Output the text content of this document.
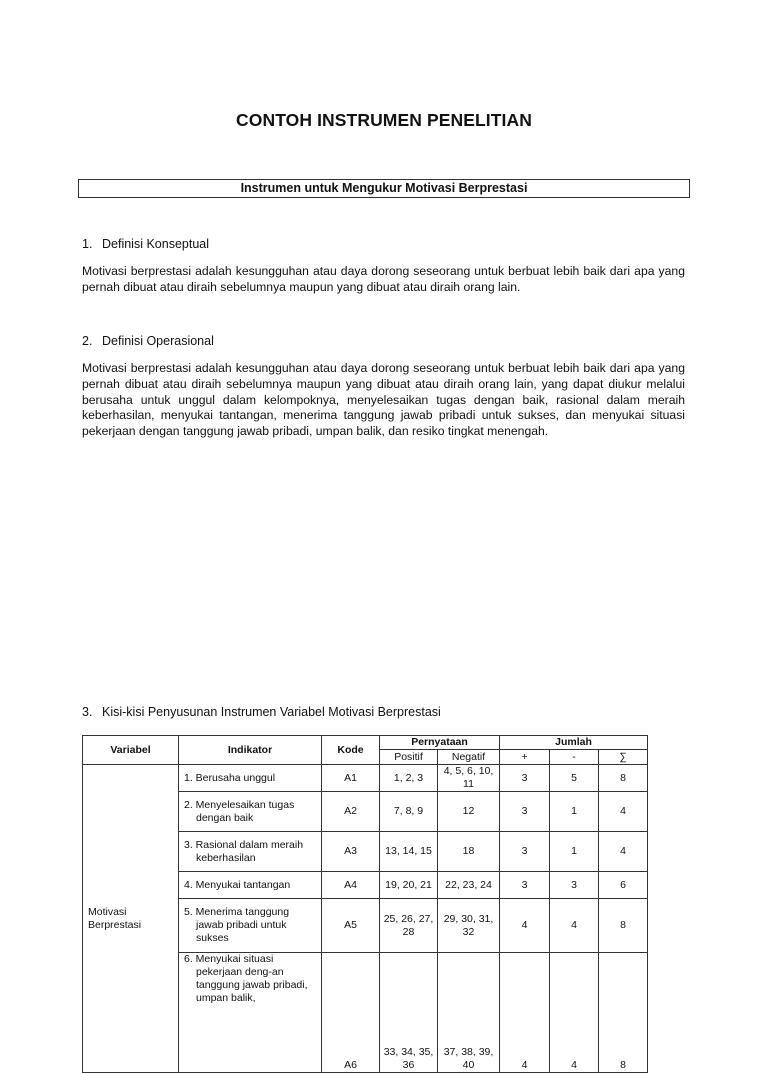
CONTOH INSTRUMEN PENELITIAN
Instrumen untuk Mengukur Motivasi Berprestasi
1. Definisi Konseptual

Motivasi berprestasi adalah kesungguhan atau daya dorong seseorang untuk berbuat lebih baik dari apa yang pernah dibuat atau diraih sebelumnya maupun yang dibuat atau diraih orang lain.

2. Definisi Operasional

Motivasi berprestasi adalah kesungguhan atau daya dorong seseorang untuk berbuat lebih baik dari apa yang pernah dibuat atau diraih sebelumnya maupun yang dibuat atau diraih orang lain, yang dapat diukur melalui berusaha untuk unggul dalam kelompoknya, menyelesaikan tugas dengan baik, rasional dalam meraih keberhasilan, menyukai tantangan, menerima tanggung jawab pribadi untuk sukses, dan menyukai situasi pekerjaan dengan tanggung jawab pribadi, umpan balik, dan resiko tingkat menengah.

3. Kisi-kisi Penyusunan Instrumen Variabel Motivasi Berprestasi
Variabel	Indikator	Kode	Pernyataan		Jumlah		
			Positif	Negatif	+	-	∑
Motivasi Berprestasi	1. Berusaha unggul	A1	1, 2, 3	4, 5, 6, 10, 11	3	5	8

	2. Menyelesaikan tugas dengan baik	A2	7, 8, 9	12	3	1	4

	3. Rasional dalam meraih keberhasilan	A3	13, 14, 15	18	3	1	4

	4. Menyukai tantangan	A4	19, 20, 21	22, 23, 24	3	3	6

	5. Menerima tanggung jawab pribadi untuk sukses	A5	25, 26, 27, 28	29, 30, 31, 32	4	4	8

	6. Menyukai situasi pekerjaan deng-an tanggung jawab pribadi, umpan balik,	A6	33, 34, 35, 36	37, 38, 39, 40	4	4	8
